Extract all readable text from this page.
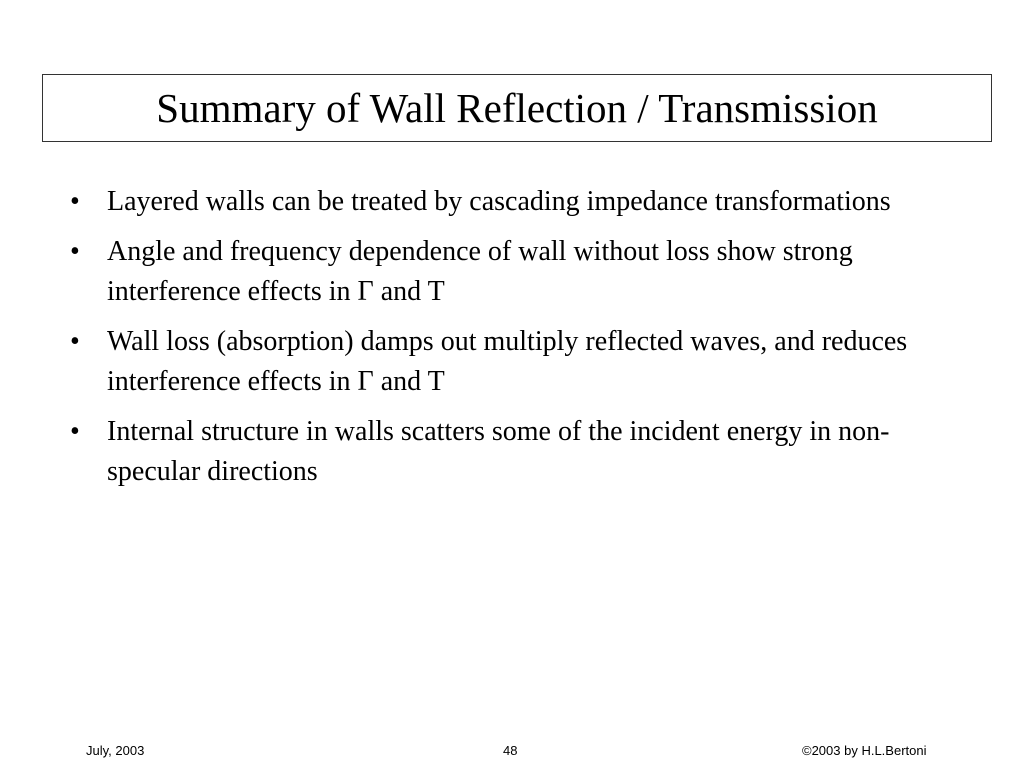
Summary of Wall Reflection / Transmission
• Layered walls can be treated by cascading impedance transformations
• Angle and frequency dependence of wall without loss show strong interference effects in Γ and T
• Wall loss (absorption) damps out multiply reflected waves, and reduces interference effects in Γ and T
• Internal structure in walls scatters some of the incident energy in non-specular directions
July, 2003	48	©2003 by H.L.Bertoni
